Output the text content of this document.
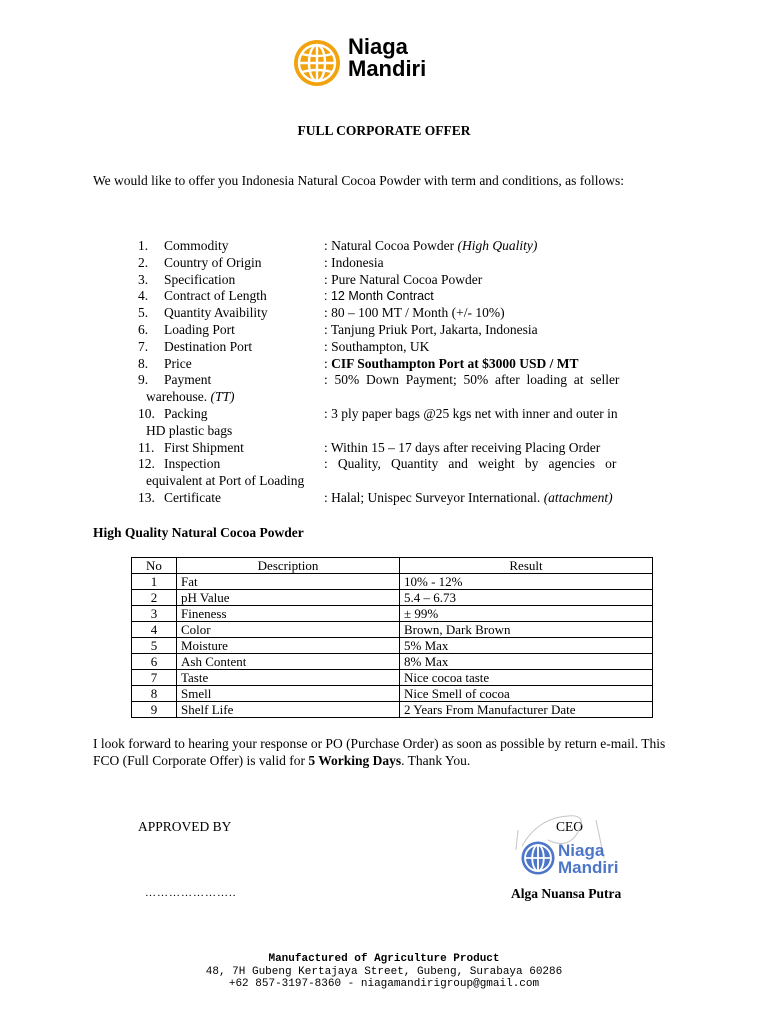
Niaga
Mandiri
FULL CORPORATE OFFER
We would like to offer you Indonesia Natural Cocoa Powder with term and conditions, as follows:
1.	Commodity	: Natural Cocoa Powder (High Quality)
2.	Country of Origin	: Indonesia
3.	Specification	: Pure Natural Cocoa Powder
4.	Contract of Length	: 12 Month Contract
5.	Quantity Avaibility	: 80 – 100 MT / Month (+/- 10%)
6.	Loading Port	: Tanjung Priuk Port, Jakarta, Indonesia
7.	Destination Port	: Southampton, UK
8.	Price	: CIF Southampton Port at $3000 USD / MT
9.	Payment	:  50%  Down  Payment;  50%  after  loading  at  seller
warehouse. (TT)
10. Packing	: 3 ply paper bags @25 kgs net with inner and outer in
HD plastic bags
11. First Shipment	: Within 15 – 17 days after receiving Placing Order
12. Inspection	:   Quality,   Quantity   and   weight   by   agencies   or
equivalent at Port of Loading
13. Certificate	: Halal; Unispec Surveyor International. (attachment)
High Quality Natural Cocoa Powder
No	Description	Result
1	Fat	10% - 12%
2	pH Value	5.4 – 6.73
3	Fineness	± 99%
4	Color	Brown, Dark Brown
5	Moisture	5% Max
6	Ash Content	8% Max
7	Taste	Nice cocoa taste
8	Smell	Nice Smell of cocoa
9	Shelf Life	2 Years From Manufacturer Date
I look forward to hearing your response or PO (Purchase Order) as soon as possible by return e-mail. This FCO (Full Corporate Offer) is valid for 5 Working Days. Thank You.
APPROVED BY	CEO
Niaga
Mandiri
…………………..	Alga Nuansa Putra
Manufactured of Agriculture Product
48, 7H Gubeng Kertajaya Street, Gubeng, Surabaya 60286
+62 857-3197-8360 - niagamandirigroup@gmail.com
